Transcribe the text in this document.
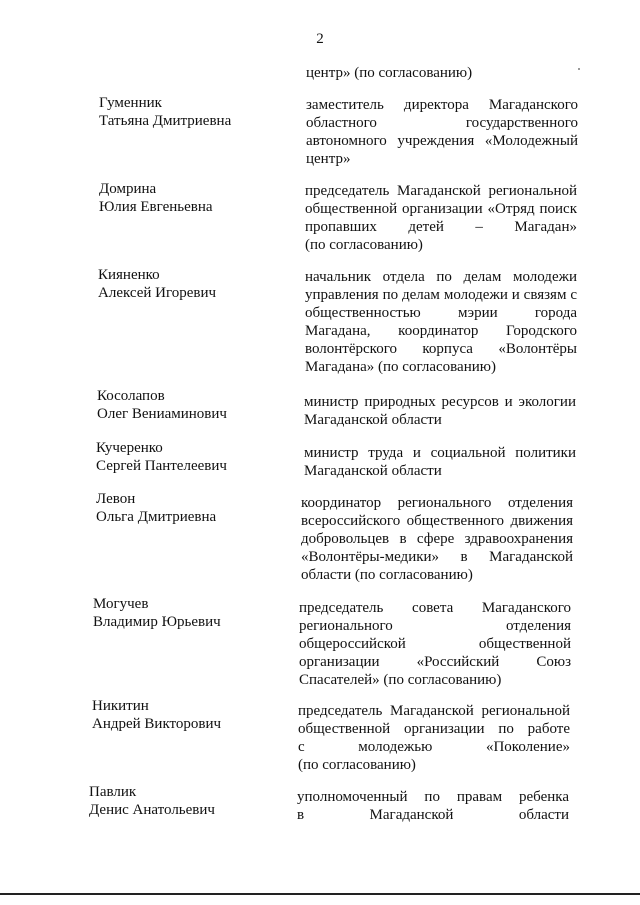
2
центр» (по согласованию)
Гуменник
Татьяна Дмитриевна
заместитель директора Магаданского
областного государственного
автономного учреждения «Молодежный
центр»
Домрина
Юлия Евгеньевна
председатель Магаданской региональной
общественной организации «Отряд поиск
пропавших детей – Магадан»
(по согласованию)
Кияненко
Алексей Игоревич
начальник отдела по делам молодежи
управления по делам молодежи и связям с
общественностью мэрии города
Магадана, координатор Городского
волонтёрского корпуса «Волонтёры
Магадана» (по согласованию)
Косолапов
Олег Вениаминович
министр природных ресурсов и экологии
Магаданской области
Кучеренко
Сергей Пантелеевич
министр труда и социальной политики
Магаданской области
Левон
Ольга Дмитриевна
координатор регионального отделения
всероссийского общественного движения
добровольцев в сфере здравоохранения
«Волонтёры-медики» в Магаданской
области (по согласованию)
Могучев
Владимир Юрьевич
председатель совета Магаданского
регионального отделения
общероссийской общественной
организации «Российский Союз
Спасателей» (по согласованию)
Никитин
Андрей Викторович
председатель Магаданской региональной
общественной организации по работе
с молодежью «Поколение»
(по согласованию)
Павлик
Денис Анатольевич
уполномоченный по правам ребенка
в Магаданской области
